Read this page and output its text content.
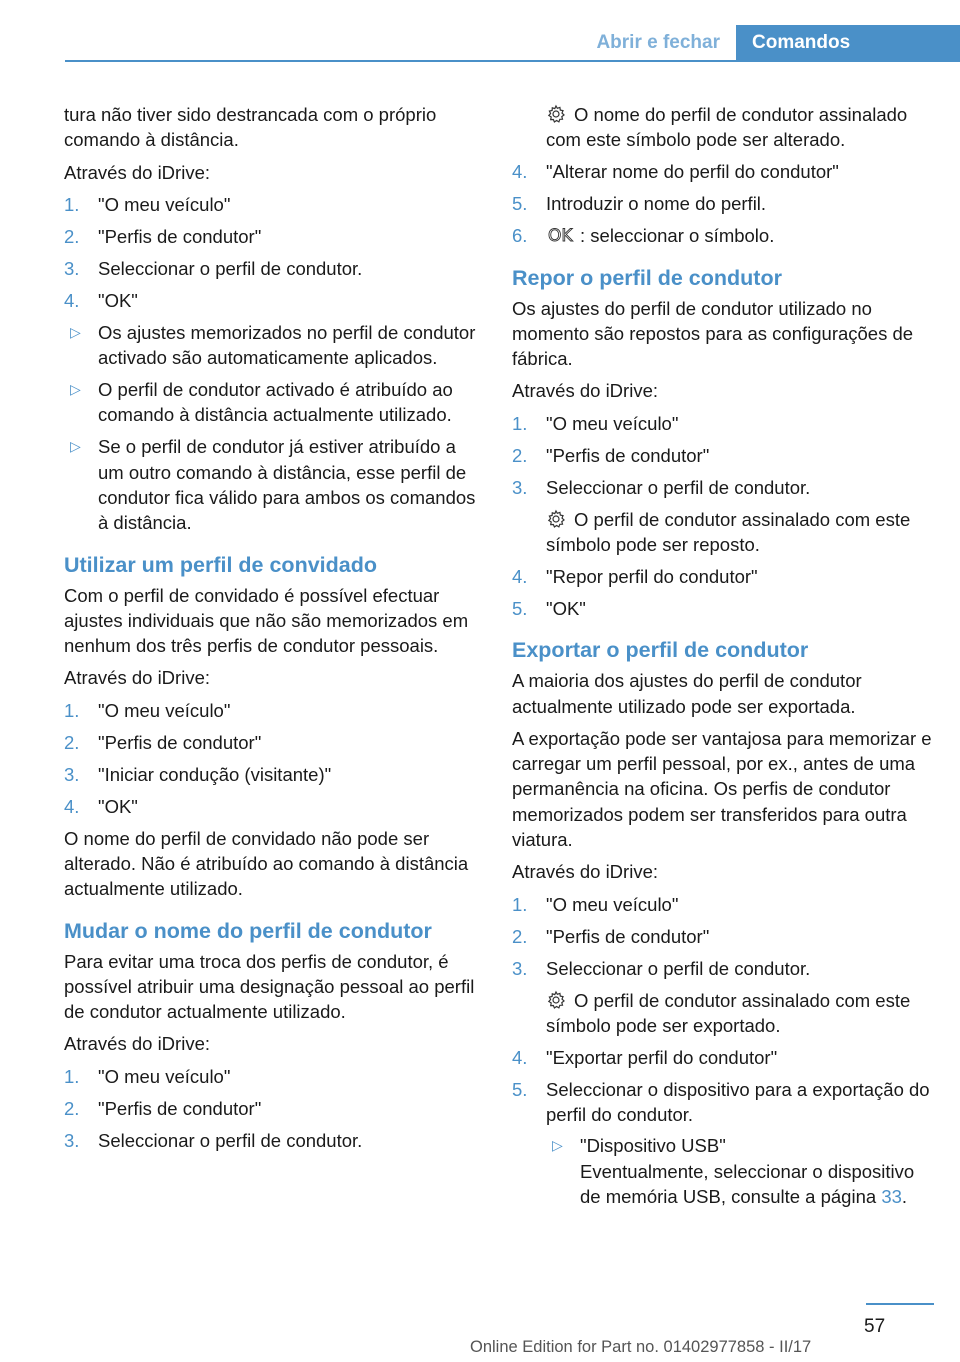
Abrir e fechar	Comandos

tura não tiver sido destrancada com o próprio comando à distância.

Através do iDrive:

1. "O meu veículo"
2. "Perfis de condutor"
3. Seleccionar o perfil de condutor.
4. "OK"
▷ Os ajustes memorizados no perfil de condutor activado são automaticamente aplicados.
▷ O perfil de condutor activado é atribuído ao comando à distância actualmente utilizado.
▷ Se o perfil de condutor já estiver atribuído a um outro comando à distância, esse perfil de condutor fica válido para ambos os comandos à distância.
Utilizar um perfil de convidado

Com o perfil de convidado é possível efectuar ajustes individuais que não são memorizados em nenhum dos três perfis de condutor pessoais.

Através do iDrive:

1. "O meu veículo"
2. "Perfis de condutor"
3. "Iniciar condução (visitante)"
4. "OK"

O nome do perfil de convidado não pode ser alterado. Não é atribuído ao comando à distância actualmente utilizado.

Mudar o nome do perfil de condutor

Para evitar uma troca dos perfis de condutor, é possível atribuir uma designação pessoal ao perfil de condutor actualmente utilizado.

Através do iDrive:

1. "O meu veículo"
2. "Perfis de condutor"
3. Seleccionar o perfil de condutor.

O nome do perfil de condutor assinalado com este símbolo pode ser alterado.

4. "Alterar nome do perfil do condutor"
5. Introduzir o nome do perfil.
6. OK : seleccionar o símbolo.
Repor o perfil de condutor

Os ajustes do perfil de condutor utilizado no momento são repostos para as configurações de fábrica.

Através do iDrive:

1. "O meu veículo"
2. "Perfis de condutor"
3. Seleccionar o perfil de condutor.

O perfil de condutor assinalado com este símbolo pode ser reposto.

4. "Repor perfil do condutor"
5. "OK"
Exportar o perfil de condutor

A maioria dos ajustes do perfil de condutor actualmente utilizado pode ser exportada.

A exportação pode ser vantajosa para memorizar e carregar um perfil pessoal, por ex., antes de uma permanência na oficina. Os perfis de condutor memorizados podem ser transferidos para outra viatura.

Através do iDrive:

1. "O meu veículo"
2. "Perfis de condutor"
3. Seleccionar o perfil de condutor.

O perfil de condutor assinalado com este símbolo pode ser exportado.

4. "Exportar perfil do condutor"
5. Seleccionar o dispositivo para a exportação do perfil do condutor.
▷ "Dispositivo USB"
Eventualmente, seleccionar o dispositivo de memória USB, consulte a página 33.
57
Online Edition for Part no. 01402977858 - II/17
